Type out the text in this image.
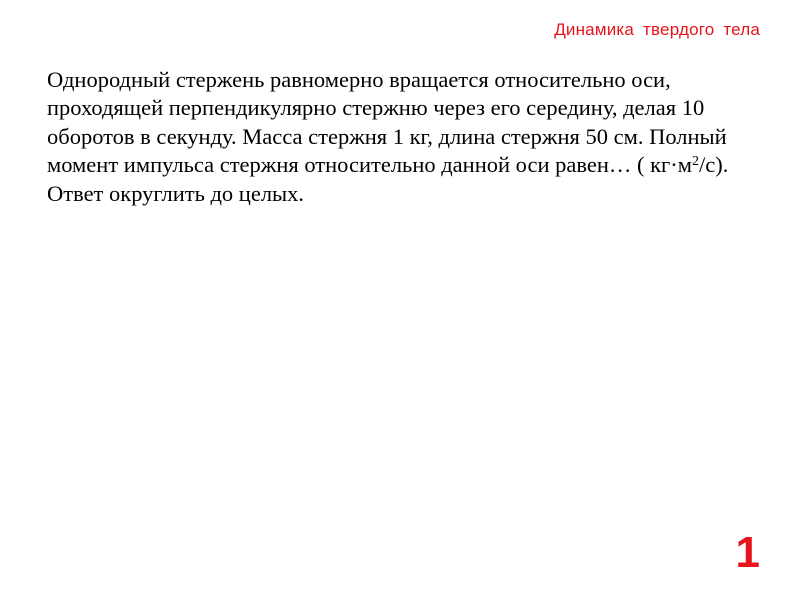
Динамика твердого тела
Однородный стержень равномерно вращается относительно оси, проходящей перпендикулярно стержню через его середину, делая 10 оборотов в секунду. Масса стержня 1 кг, длина стержня 50 см. Полный момент импульса стержня относительно данной оси равен… ( $кг\cdot м^2/с$). Ответ округлить до целых.
1
